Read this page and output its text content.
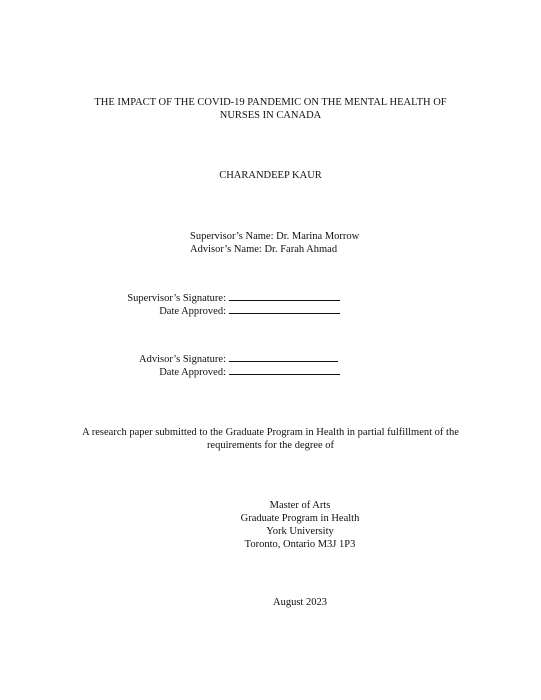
THE IMPACT OF THE COVID-19 PANDEMIC ON THE MENTAL HEALTH OF
NURSES IN CANADA
CHARANDEEP KAUR
Supervisor’s Name: Dr. Marina Morrow
Advisor’s Name: Dr. Farah Ahmad
Supervisor’s Signature:
Date Approved:
Advisor’s Signature:
Date Approved:
A research paper submitted to the Graduate Program in Health in partial fulfillment of the
requirements for the degree of
Master of Arts
Graduate Program in Health
York University
Toronto, Ontario M3J 1P3
August 2023
